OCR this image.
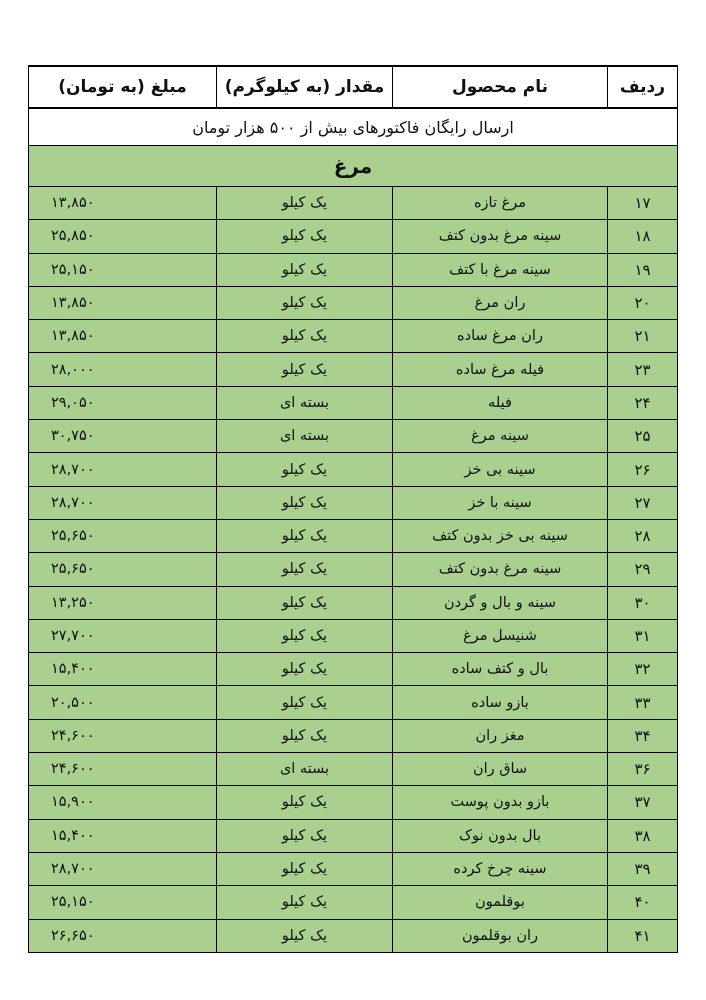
ردیف	نام محصول	مقدار (به کیلوگرم)	مبلغ (به تومان)
ارسال رایگان فاکتورهای بیش از ۵۰۰ هزار تومان			
مرغ			
۱۷	مرغ تازه	یک کیلو	۱۳,۸۵۰
۱۸	سینه مرغ بدون کتف	یک کیلو	۲۵,۸۵۰
۱۹	سینه مرغ با کتف	یک کیلو	۲۵,۱۵۰
۲۰	ران مرغ	یک کیلو	۱۳,۸۵۰
۲۱	ران مرغ ساده	یک کیلو	۱۳,۸۵۰
۲۳	فیله مرغ ساده	یک کیلو	۲۸,۰۰۰
۲۴	فیله	بسته ای	۲۹,۰۵۰
۲۵	سینه مرغ	بسته ای	۳۰,۷۵۰
۲۶	سینه بی خز	یک کیلو	۲۸,۷۰۰
۲۷	سینه با خز	یک کیلو	۲۸,۷۰۰
۲۸	سینه بی خز بدون کتف	یک کیلو	۲۵,۶۵۰
۲۹	سینه مرغ بدون کتف	یک کیلو	۲۵,۶۵۰
۳۰	سینه و بال و گردن	یک کیلو	۱۳,۲۵۰
۳۱	شنیسل مرغ	یک کیلو	۲۷,۷۰۰
۳۲	بال و کتف ساده	یک کیلو	۱۵,۴۰۰
۳۳	بازو ساده	یک کیلو	۲۰,۵۰۰
۳۴	مغز ران	یک کیلو	۲۴,۶۰۰
۳۶	ساق ران	بسته ای	۲۴,۶۰۰
۳۷	بازو بدون پوست	یک کیلو	۱۵,۹۰۰
۳۸	بال بدون نوک	یک کیلو	۱۵,۴۰۰
۳۹	سینه چرخ کرده	یک کیلو	۲۸,۷۰۰
۴۰	بوقلمون	یک کیلو	۲۵,۱۵۰
۴۱	ران بوقلمون	یک کیلو	۲۶,۶۵۰
